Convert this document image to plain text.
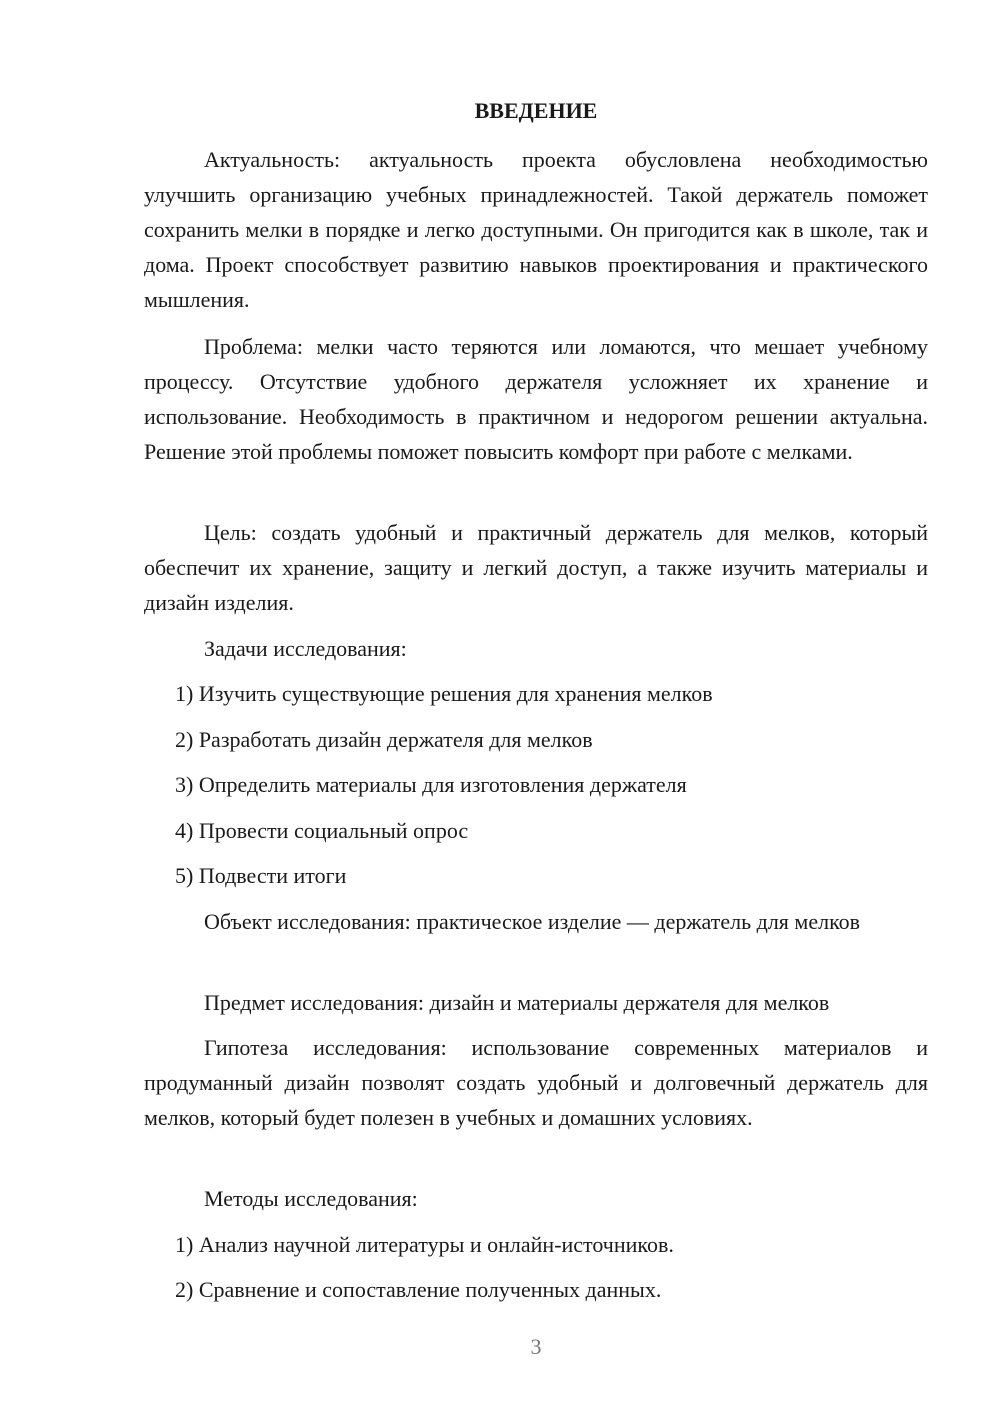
ВВЕДЕНИЕ

Актуальность: актуальность проекта обусловлена необходимостью улучшить организацию учебных принадлежностей. Такой держатель поможет сохранить мелки в порядке и легко доступными. Он пригодится как в школе, так и дома. Проект способствует развитию навыков проектирования и практического мышления.

Проблема: мелки часто теряются или ломаются, что мешает учебному процессу. Отсутствие удобного держателя усложняет их хранение и использование. Необходимость в практичном и недорогом решении актуальна. Решение этой проблемы поможет повысить комфорт при работе с мелками.

Цель: создать удобный и практичный держатель для мелков, который обеспечит их хранение, защиту и легкий доступ, а также изучить материалы и дизайн изделия.

Задачи исследования:
1) Изучить существующие решения для хранения мелков
2) Разработать дизайн держателя для мелков
3) Определить материалы для изготовления держателя
4) Провести социальный опрос
5) Подвести итоги

Объект исследования: практическое изделие — держатель для мелков

Предмет исследования: дизайн и материалы держателя для мелков

Гипотеза исследования: использование современных материалов и продуманный дизайн позволят создать удобный и долговечный держатель для мелков, который будет полезен в учебных и домашних условиях.

Методы исследования:
1) Анализ научной литературы и онлайн-источников.
2) Сравнение и сопоставление полученных данных.
3
